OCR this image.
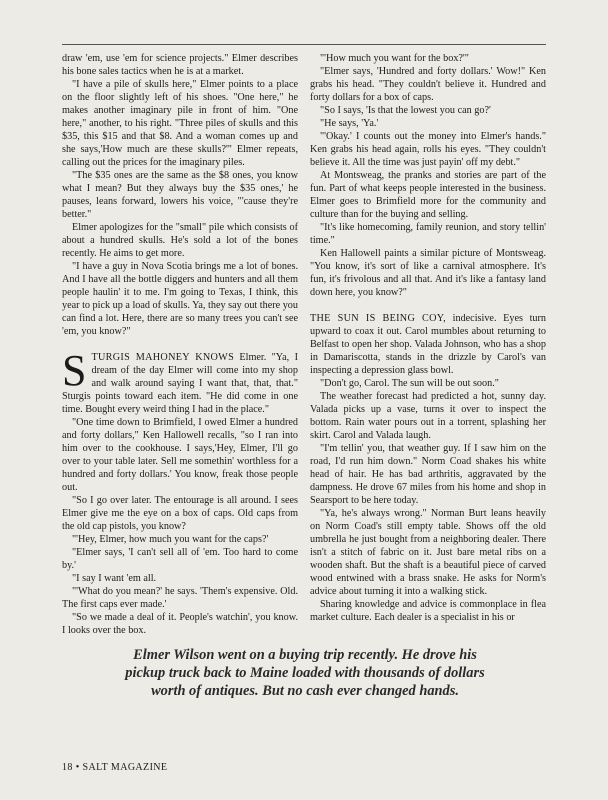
draw 'em, use 'em for science projects." Elmer describes his bone sales tactics when he is at a market.

"I have a pile of skulls here," Elmer points to a place on the floor slightly left of his shoes. "One here," he makes another imaginary pile in front of him. "One here," another, to his right. "Three piles of skulls and this $35, this $15 and that $8. And a woman comes up and she says,'How much are these skulls?'" Elmer repeats, calling out the prices for the imaginary piles.

"The $35 ones are the same as the $8 ones, you know what I mean? But they always buy the $35 ones,' he pauses, leans forward, lowers his voice, "'cause they're better."

Elmer apologizes for the "small" pile which consists of about a hundred skulls. He's sold a lot of the bones recently. He aims to get more.

"I have a guy in Nova Scotia brings me a lot of bones. And I have all the bottle diggers and hunters and all them people haulin' it to me. I'm going to Texas, I think, this year to pick up a load of skulls. Ya, they say out there you can find a lot. Here, there are so many trees you can't see 'em, you know?"

STURGIS MAHONEY KNOWS Elmer. "Ya, I dream of the day Elmer will come into my shop and walk around saying I want that, that, that." Sturgis points toward each item. "He did come in one time. Bought every weird thing I had in the place."

"One time down to Brimfield, I owed Elmer a hundred and forty dollars," Ken Hallowell recalls, "so I ran into him over to the cookhouse. I says,'Hey, Elmer, I'll go over to your table later. Sell me somethin' worthless for a hundred and forty dollars.' You know, freak those people out.

"So I go over later. The entourage is all around. I sees Elmer give me the eye on a box of caps. Old caps from the old cap pistols, you know?

"'Hey, Elmer, how much you want for the caps?'

"Elmer says, 'I can't sell all of 'em. Too hard to come by.'

"I say I want 'em all.

"'What do you mean?' he says. 'Them's expensive. Old. The first caps ever made.'

"So we made a deal of it. People's watchin', you know. I looks over the box.

"'How much you want for the box?'"

"Elmer says, 'Hundred and forty dollars.' Wow!" Ken grabs his head. "They couldn't believe it. Hundred and forty dollars for a box of caps.

"So I says, 'Is that the lowest you can go?'

"He says, 'Ya.'

"'Okay.' I counts out the money into Elmer's hands." Ken grabs his head again, rolls his eyes. "They couldn't believe it. All the time was just payin' off my debt."

At Montsweag, the pranks and stories are part of the fun. Part of what keeps people interested in the business. Elmer goes to Brimfield more for the community and culture than for the buying and selling.

"It's like homecoming, family reunion, and story tellin' time."

Ken Hallowell paints a similar picture of Montsweag. "You know, it's sort of like a carnival atmosphere. It's fun, it's frivolous and all that. And it's like a fantasy land down here, you know?"

THE SUN IS BEING COY, indecisive. Eyes turn upward to coax it out. Carol mumbles about returning to Belfast to open her shop. Valada Johnson, who has a shop in Damariscotta, stands in the drizzle by Carol's van inspecting a depression glass bowl.

"Don't go, Carol. The sun will be out soon."

The weather forecast had predicted a hot, sunny day. Valada picks up a vase, turns it over to inspect the bottom. Rain water pours out in a torrent, splashing her skirt. Carol and Valada laugh.

"I'm tellin' you, that weather guy. If I saw him on the road, I'd run him down." Norm Coad shakes his white head of hair. He has bad arthritis, aggravated by the dampness. He drove 67 miles from his home and shop in Searsport to be here today.

"Ya, he's always wrong." Norman Burt leans heavily on Norm Coad's still empty table. Shows off the old umbrella he just bought from a neighboring dealer. There isn't a stitch of fabric on it. Just bare metal ribs on a wooden shaft. But the shaft is a beautiful piece of carved wood entwined with a brass snake. He asks for Norm's advice about turning it into a walking stick.

Sharing knowledge and advice is commonplace in flea market culture. Each dealer is a specialist in his or

Elmer Wilson went on a buying trip recently. He drove his
pickup truck back to Maine loaded with thousands of dollars
worth of antiques. But no cash ever changed hands.
18 • SALT MAGAZINE
